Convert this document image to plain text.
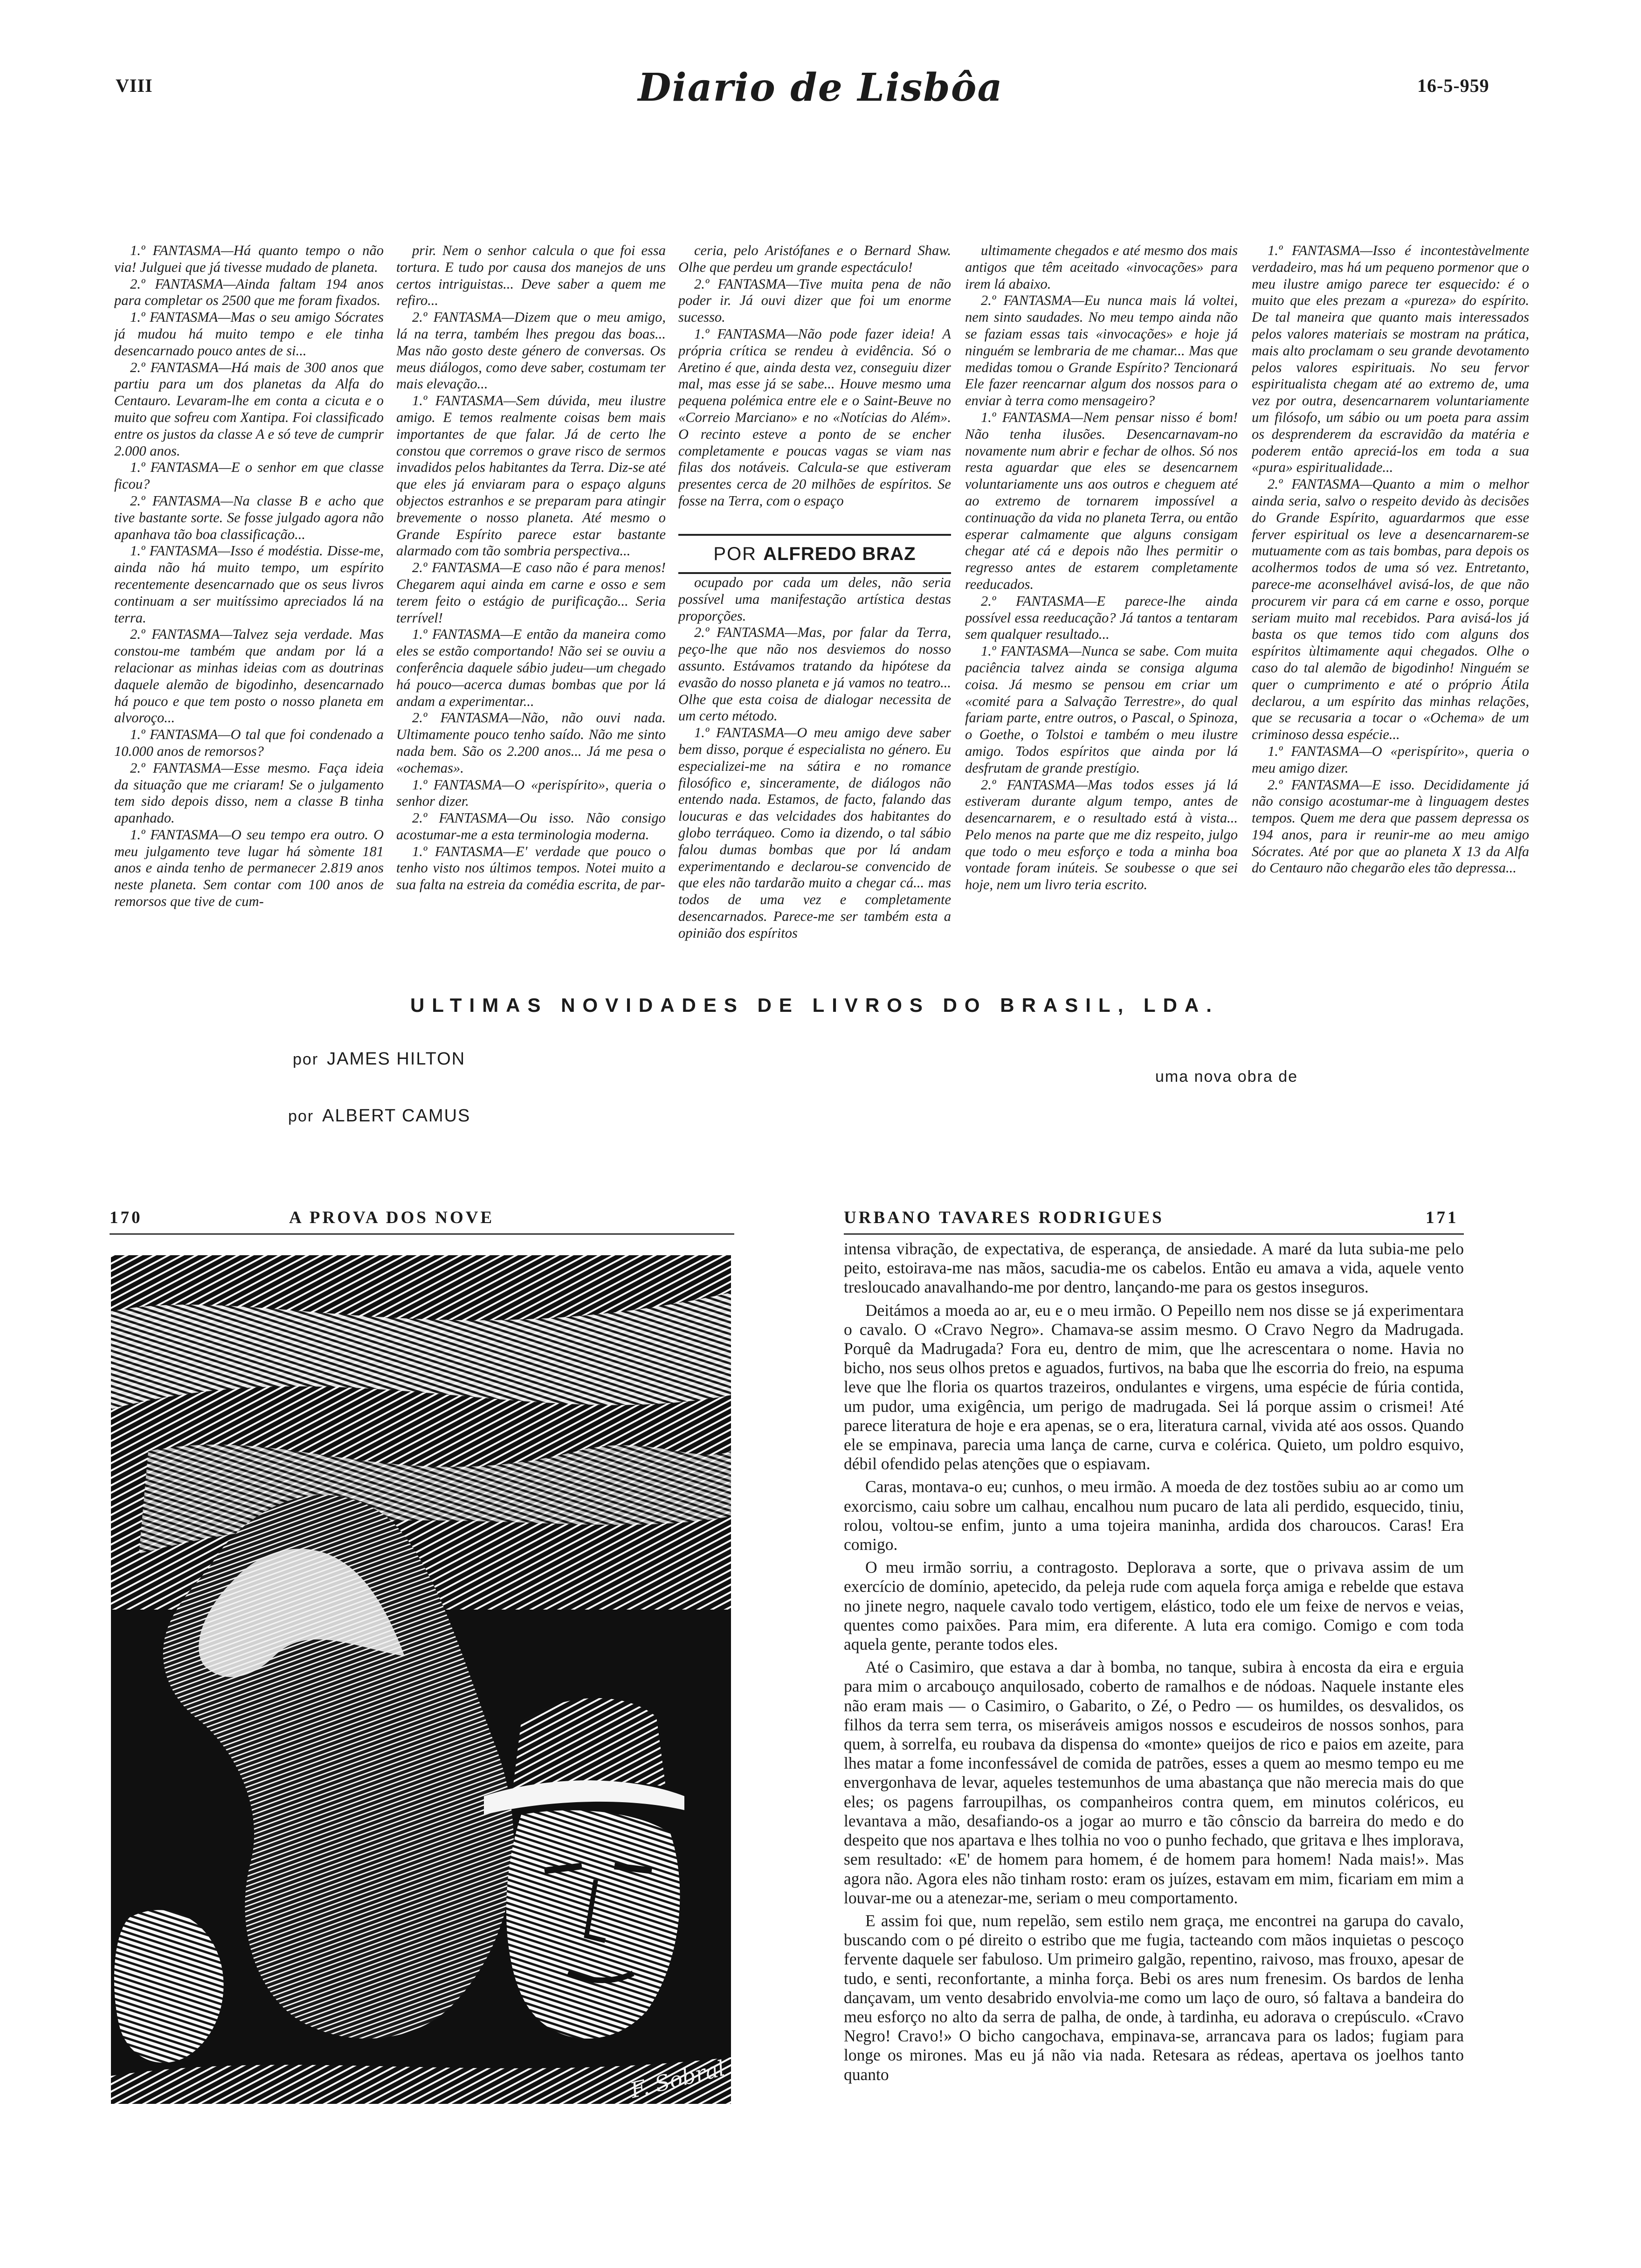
VIII	Diario de Lisbôa	16-5-959

1.º FANTASMA—Há quanto tempo o não via! Julguei que já tivesse mudado de planeta.

2.º FANTASMA—Ainda faltam 194 anos para completar os 2500 que me foram fixados.

1.º FANTASMA—Mas o seu amigo Sócrates já mudou há muito tempo e ele tinha desencarnado pouco antes de si...

2.º FANTASMA—Há mais de 300 anos que partiu para um dos planetas da Alfa do Centauro. Levaram-lhe em conta a cicuta e o muito que sofreu com Xantipa. Foi classificado entre os justos da classe A e só teve de cumprir 2.000 anos.

1.º FANTASMA—E o senhor em que classe ficou?

2.º FANTASMA—Na classe B e acho que tive bastante sorte. Se fosse julgado agora não apanhava tão boa classificação...

1.º FANTASMA—Isso é modéstia. Disse-me, ainda não há muito tempo, um espírito recentemente desencarnado que os seus livros continuam a ser muitíssimo apreciados lá na terra.

2.º FANTASMA—Talvez seja verdade. Mas constou-me também que andam por lá a relacionar as minhas ideias com as doutrinas daquele alemão de bigodinho, desencarnado há pouco e que tem posto o nosso planeta em alvoroço...

1.º FANTASMA—O tal que foi condenado a 10.000 anos de remorsos?

2.º FANTASMA—Esse mesmo. Faça ideia da situação que me criaram! Se o julgamento tem sido depois disso, nem a classe B tinha apanhado.

1.º FANTASMA—O seu tempo era outro. O meu julgamento teve lugar há sòmente 181 anos e ainda tenho de permanecer 2.819 anos neste planeta. Sem contar com 100 anos de remorsos que tive de cum-

prir. Nem o senhor calcula o que foi essa tortura. E tudo por causa dos manejos de uns certos intriguistas... Deve saber a quem me refiro...

2.º FANTASMA—Dizem que o meu amigo, lá na terra, também lhes pregou das boas... Mas não gosto deste género de conversas. Os meus diálogos, como deve saber, costumam ter mais elevação...

1.º FANTASMA—Sem dúvida, meu ilustre amigo. E temos realmente coisas bem mais importantes de que falar. Já de certo lhe constou que corremos o grave risco de sermos invadidos pelos habitantes da Terra. Diz-se até que eles já enviaram para o espaço alguns objectos estranhos e se preparam para atingir brevemente o nosso planeta. Até mesmo o Grande Espírito parece estar bastante alarmado com tão sombria perspectiva...

2.º FANTASMA—E caso não é para menos! Chegarem aqui ainda em carne e osso e sem terem feito o estágio de purificação... Seria terrível!

1.º FANTASMA—E então da maneira como eles se estão comportando! Não sei se ouviu a conferência daquele sábio judeu—um chegado há pouco—acerca dumas bombas que por lá andam a experimentar...

2.º FANTASMA—Não, não ouvi nada. Ultimamente pouco tenho saído. Não me sinto nada bem. São os 2.200 anos... Já me pesa o «ochemas».

1.º FANTASMA—O «perispírito», queria o senhor dizer.

2.º FANTASMA—Ou isso. Não consigo acostumar-me a esta terminologia moderna.

1.º FANTASMA—E' verdade que pouco o tenho visto nos últimos tempos. Notei muito a sua falta na estreia da comédia escrita, de par-

ceria, pelo Aristófanes e o Bernard Shaw. Olhe que perdeu um grande espectáculo!

2.º FANTASMA—Tive muita pena de não poder ir. Já ouvi dizer que foi um enorme sucesso.

1.º FANTASMA—Não pode fazer ideia! A própria crítica se rendeu à evidência. Só o Aretino é que, ainda desta vez, conseguiu dizer mal, mas esse já se sabe... Houve mesmo uma pequena polémica entre ele e o Saint-Beuve no «Correio Marciano» e no «Notícias do Além». O recinto esteve a ponto de se encher completamente e poucas vagas se viam nas filas dos notáveis. Calcula-se que estiveram presentes cerca de 20 milhões de espíritos. Se fosse na Terra, com o espaço

POR ALFREDO BRAZ

ocupado por cada um deles, não seria possível uma manifestação artística destas proporções.

2.º FANTASMA—Mas, por falar da Terra, peço-lhe que não nos desviemos do nosso assunto. Estávamos tratando da hipótese da evasão do nosso planeta e já vamos no teatro... Olhe que esta coisa de dialogar necessita de um certo método.

1.º FANTASMA—O meu amigo deve saber bem disso, porque é especialista no género. Eu especializei-me na sátira e no romance filosófico e, sinceramente, de diálogos não entendo nada. Estamos, de facto, falando das loucuras e das velcidades dos habitantes do globo terráqueo. Como ia dizendo, o tal sábio falou dumas bombas que por lá andam experimentando e declarou-se convencido de que eles não tardarão muito a chegar cá... mas todos de uma vez e completamente desencarnados. Parece-me ser também esta a opinião dos espíritos

ultimamente chegados e até mesmo dos mais antigos que têm aceitado «invocações» para irem lá abaixo.

2.º FANTASMA—Eu nunca mais lá voltei, nem sinto saudades. No meu tempo ainda não se faziam essas tais «invocações» e hoje já ninguém se lembraria de me chamar... Mas que medidas tomou o Grande Espírito? Tencionará Ele fazer reencarnar algum dos nossos para o enviar à terra como mensageiro?

1.º FANTASMA—Nem pensar nisso é bom! Não tenha ilusões. Desencarnavam-no novamente num abrir e fechar de olhos. Só nos resta aguardar que eles se desencarnem voluntariamente uns aos outros e cheguem até ao extremo de tornarem impossível a continuação da vida no planeta Terra, ou então esperar calmamente que alguns consigam chegar até cá e depois não lhes permitir o regresso antes de estarem completamente reeducados.

2.º FANTASMA—E parece-lhe ainda possível essa reeducação? Já tantos a tentaram sem qualquer resultado...

1.º FANTASMA—Nunca se sabe. Com muita paciência talvez ainda se consiga alguma coisa. Já mesmo se pensou em criar um «comité para a Salvação Terrestre», do qual fariam parte, entre outros, o Pascal, o Spinoza, o Goethe, o Tolstoi e também o meu ilustre amigo. Todos espíritos que ainda por lá desfrutam de grande prestígio.

2.º FANTASMA—Mas todos esses já lá estiveram durante algum tempo, antes de desencarnarem, e o resultado está à vista... Pelo menos na parte que me diz respeito, julgo que todo o meu esforço e toda a minha boa vontade foram inúteis. Se soubesse o que sei hoje, nem um livro teria escrito.

1.º FANTASMA—Isso é incontestàvelmente verdadeiro, mas há um pequeno pormenor que o meu ilustre amigo parece ter esquecido: é o muito que eles prezam a «pureza» do espírito. De tal maneira que quanto mais interessados pelos valores materiais se mostram na prática, mais alto proclamam o seu grande devotamento pelos valores espirituais. No seu fervor espiritualista chegam até ao extremo de, uma vez por outra, desencarnarem voluntariamente um filósofo, um sábio ou um poeta para assim os desprenderem da escravidão da matéria e poderem então apreciá-los em toda a sua «pura» espiritualidade...

2.º FANTASMA—Quanto a mim o melhor ainda seria, salvo o respeito devido às decisões do Grande Espírito, aguardarmos que esse ferver espiritual os leve a desencarnarem-se mutuamente com as tais bombas, para depois os acolhermos todos de uma só vez. Entretanto, parece-me aconselhável avisá-los, de que não procurem vir para cá em carne e osso, porque seriam muito mal recebidos. Para avisá-los já basta os que temos tido com alguns dos espíritos ùltimamente aqui chegados. Olhe o caso do tal alemão de bigodinho! Ninguém se quer o cumprimento e até o próprio Átila declarou, a um espírito das minhas relações, que se recusaria a tocar o «Ochema» de um criminoso dessa espécie...

1.º FANTASMA—O «perispírito», queria o meu amigo dizer.

2.º FANTASMA—E isso. Decididamente já não consigo acostumar-me à linguagem destes tempos. Quem me dera que passem depressa os 194 anos, para ir reunir-me ao meu amigo Sócrates. Até por que ao planeta X 13 da Alfa do Centauro não chegarão eles tão depressa...

ULTIMAS NOVIDADES DE LIVROS DO BRASIL, LDA.
por JAMES HILTON
por ALBERT CAMUS
uma nova obra de
170	A PROVA DOS NOVE	URBANO TAVARES RODRIGUES	171
F. Sobral

intensa vibração, de expectativa, de esperança, de ansiedade. A maré da luta subia-me pelo peito, estoirava-me nas mãos, sacudia-me os cabelos. Então eu amava a vida, aquele vento tresloucado anavalhando-me por dentro, lançando-me para os gestos inseguros.

Deitámos a moeda ao ar, eu e o meu irmão. O Pepeillo nem nos disse se já experimentara o cavalo. O «Cravo Negro». Chamava-se assim mesmo. O Cravo Negro da Madrugada. Porquê da Madrugada? Fora eu, dentro de mim, que lhe acrescentara o nome. Havia no bicho, nos seus olhos pretos e aguados, furtivos, na baba que lhe escorria do freio, na espuma leve que lhe floria os quartos trazeiros, ondulantes e virgens, uma espécie de fúria contida, um pudor, uma exigência, um perigo de madrugada. Sei lá porque assim o crismei! Até parece literatura de hoje e era apenas, se o era, literatura carnal, vivida até aos ossos. Quando ele se empinava, parecia uma lança de carne, curva e colérica. Quieto, um poldro esquivo, débil ofendido pelas atenções que o espiavam.

Caras, montava-o eu; cunhos, o meu irmão. A moeda de dez tostões subiu ao ar como um exorcismo, caiu sobre um calhau, encalhou num pucaro de lata ali perdido, esquecido, tiniu, rolou, voltou-se enfim, junto a uma tojeira maninha, ardida dos charoucos. Caras! Era comigo.

O meu irmão sorriu, a contragosto. Deplorava a sorte, que o privava assim de um exercício de domínio, apetecido, da peleja rude com aquela força amiga e rebelde que estava no jinete negro, naquele cavalo todo vertigem, elástico, todo ele um feixe de nervos e veias, quentes como paixões. Para mim, era diferente. A luta era comigo. Comigo e com toda aquela gente, perante todos eles.

Até o Casimiro, que estava a dar à bomba, no tanque, subira à encosta da eira e erguia para mim o arcabouço anquilosado, coberto de ramalhos e de nódoas. Naquele instante eles não eram mais — o Casimiro, o Gabarito, o Zé, o Pedro — os humildes, os desvalidos, os filhos da terra sem terra, os miseráveis amigos nossos e escudeiros de nossos sonhos, para quem, à sorrelfa, eu roubava da dispensa do «monte» queijos de rico e paios em azeite, para lhes matar a fome inconfessável de comida de patrões, esses a quem ao mesmo tempo eu me envergonhava de levar, aqueles testemunhos de uma abastança que não merecia mais do que eles; os pagens farroupilhas, os companheiros contra quem, em minutos coléricos, eu levantava a mão, desafiando-os a jogar ao murro e tão cônscio da barreira do medo e do despeito que nos apartava e lhes tolhia no voo o punho fechado, que gritava e lhes implorava, sem resultado: «E' de homem para homem, é de homem para homem! Nada mais!». Mas agora não. Agora eles não tinham rosto: eram os juízes, estavam em mim, ficariam em mim a louvar-me ou a atenezar-me, seriam o meu comportamento.

E assim foi que, num repelão, sem estilo nem graça, me encontrei na garupa do cavalo, buscando com o pé direito o estribo que me fugia, tacteando com mãos inquietas o pescoço fervente daquele ser fabuloso. Um primeiro galgão, repentino, raivoso, mas frouxo, apesar de tudo, e senti, reconfortante, a minha força. Bebi os ares num frenesim. Os bardos de lenha dançavam, um vento desabrido envolvia-me como um laço de ouro, só faltava a bandeira do meu esforço no alto da serra de palha, de onde, à tardinha, eu adorava o crepúsculo. «Cravo Negro! Cravo!» O bicho cangochava, empinava-se, arrancava para os lados; fugiam para longe os mirones. Mas eu já não via nada. Retesara as rédeas, apertava os joelhos tanto quanto
